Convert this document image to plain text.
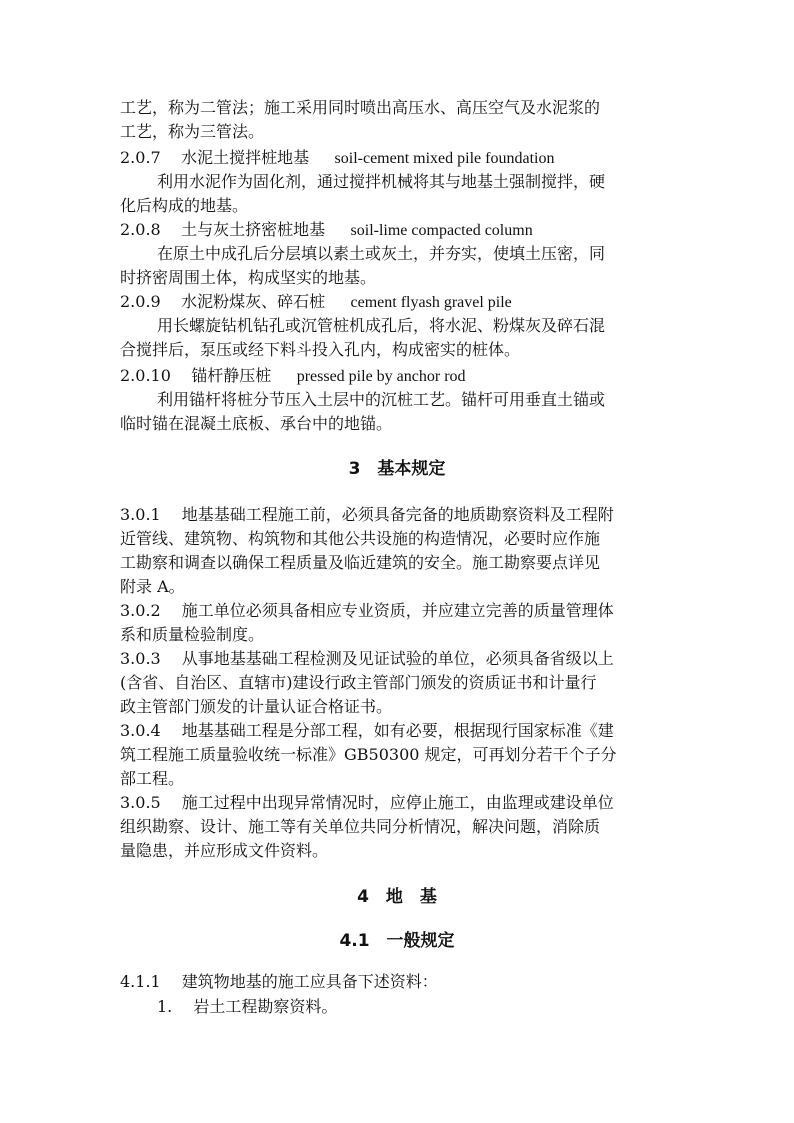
工艺，称为二管法；施工采用同时喷出高压水、高压空气及水泥浆的
工艺，称为三管法。
2.0.7 水泥土搅拌桩地基 soil-cement mixed pile foundation
利用水泥作为固化剂，通过搅拌机械将其与地基土强制搅拌，硬
化后构成的地基。
2.0.8 土与灰土挤密桩地基 soil-lime compacted column
在原土中成孔后分层填以素土或灰土，并夯实，使填土压密，同
时挤密周围土体，构成坚实的地基。
2.0.9 水泥粉煤灰、碎石桩 cement flyash gravel pile
用长螺旋钻机钻孔或沉管桩机成孔后，将水泥、粉煤灰及碎石混
合搅拌后，泵压或经下料斗投入孔内，构成密实的桩体。
2.0.10 锚杆静压桩 pressed pile by anchor rod
利用锚杆将桩分节压入土层中的沉桩工艺。锚杆可用垂直土锚或
临时锚在混凝土底板、承台中的地锚。
3　基本规定
3.0.1　 地基基础工程施工前，必须具备完备的地质勘察资料及工程附
近管线、建筑物、构筑物和其他公共设施的构造情况，必要时应作施
工勘察和调查以确保工程质量及临近建筑的安全。施工勘察要点详见
附录 A。
3.0.2　 施工单位必须具备相应专业资质，并应建立完善的质量管理体
系和质量检验制度。
3.0.3　 从事地基基础工程检测及见证试验的单位，必须具备省级以上
(含省、自治区、直辖市)建设行政主管部门颁发的资质证书和计量行
政主管部门颁发的计量认证合格证书。
3.0.4　 地基基础工程是分部工程，如有必要，根据现行国家标准《建
筑工程施工质量验收统一标准》GB50300 规定，可再划分若干个子分
部工程。
3.0.5　 施工过程中出现异常情况时，应停止施工，由监理或建设单位
组织勘察、设计、施工等有关单位共同分析情况，解决问题，消除质
量隐患，并应形成文件资料。
4　地　基
4.1　一般规定
4.1.1　 建筑物地基的施工应具备下述资料：
1.　 岩土工程勘察资料。
